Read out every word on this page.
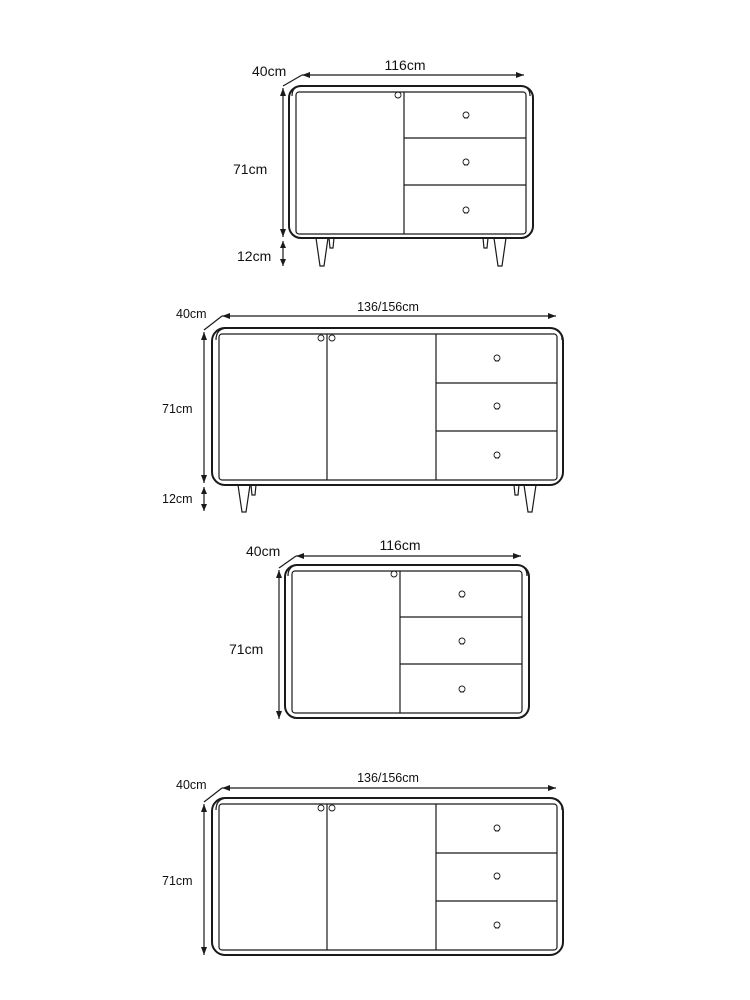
116cm
40cm
71cm
12cm
136/156cm
40cm
71cm
12cm
116cm
40cm
71cm
136/156cm
40cm
71cm
